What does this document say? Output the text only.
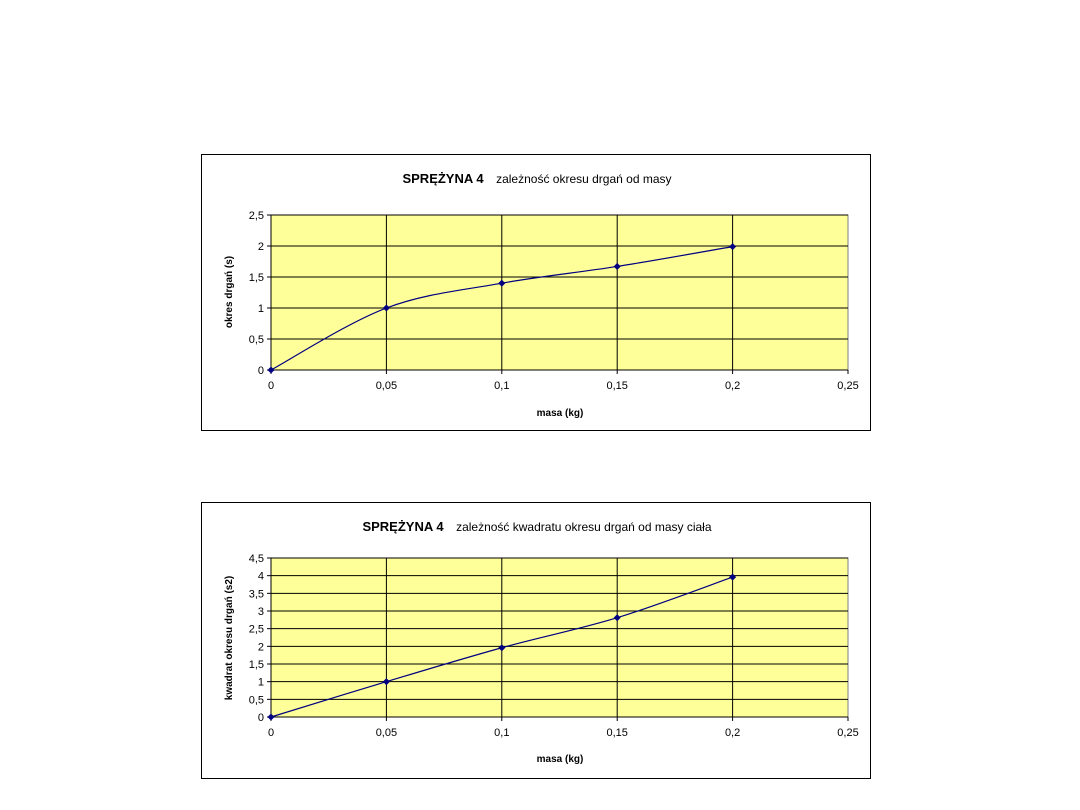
SPRĘŻYNA 4 zależność okresu drgań od masy
0
0,5
1
1,5
2
2,5
0	0,05	0,1	0,15	0,2	0,25
masa (kg)
okres drgań (s)
SPRĘŻYNA 4 zależność kwadratu okresu drgań od masy ciała
0
0,5
1
1,5
2
2,5
3
3,5
4
4,5
0	0,05	0,1	0,15	0,2	0,25
masa (kg)
kwadrat okresu drgań (s2)
